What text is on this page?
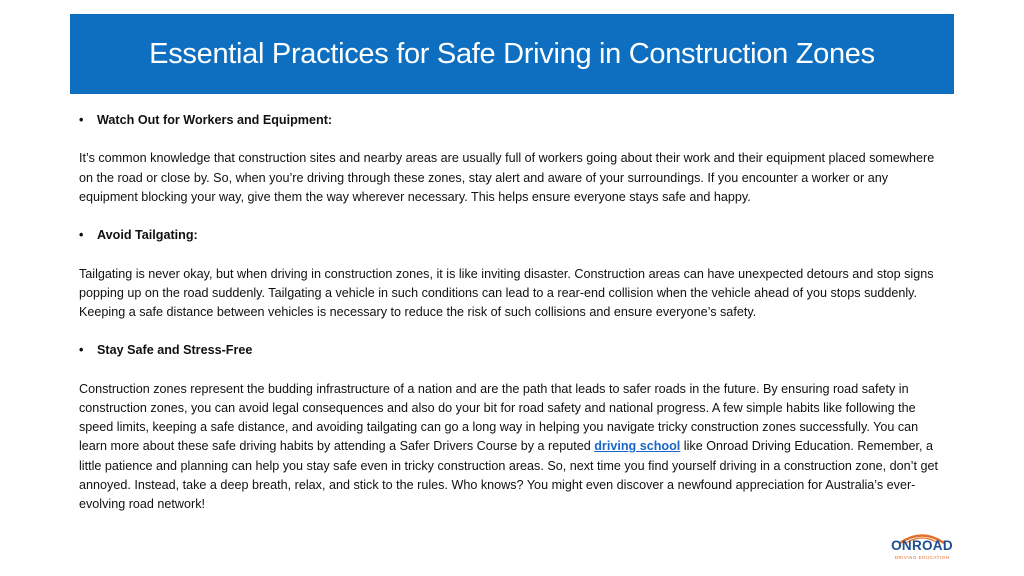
Essential Practices for Safe Driving in Construction Zones
•	Watch Out for Workers and Equipment:

It’s common knowledge that construction sites and nearby areas are usually full of workers going about their work and their equipment placed somewhere on the road or close by. So, when you’re driving through these zones, stay alert and aware of your surroundings. If you encounter a worker or any equipment blocking your way, give them the way wherever necessary. This helps ensure everyone stays safe and happy.

•	Avoid Tailgating:

Tailgating is never okay, but when driving in construction zones, it is like inviting disaster. Construction areas can have unexpected detours and stop signs popping up on the road suddenly. Tailgating a vehicle in such conditions can lead to a rear-end collision when the vehicle ahead of you stops suddenly. Keeping a safe distance between vehicles is necessary to reduce the risk of such collisions and ensure everyone’s safety.

•	Stay Safe and Stress-Free

Construction zones represent the budding infrastructure of a nation and are the path that leads to safer roads in the future. By ensuring road safety in construction zones, you can avoid legal consequences and also do your bit for road safety and national progress. A few simple habits like following the speed limits, keeping a safe distance, and avoiding tailgating can go a long way in helping you navigate tricky construction zones successfully. You can learn more about these safe driving habits by attending a Safer Drivers Course by a reputed driving school like Onroad Driving Education. Remember, a little patience and planning can help you stay safe even in tricky construction areas. So, next time you find yourself driving in a construction zone, don’t get annoyed. Instead, take a deep breath, relax, and stick to the rules. Who knows? You might even discover a newfound appreciation for Australia’s ever-evolving road network!

ONROAD
DRIVING EDUCATION
